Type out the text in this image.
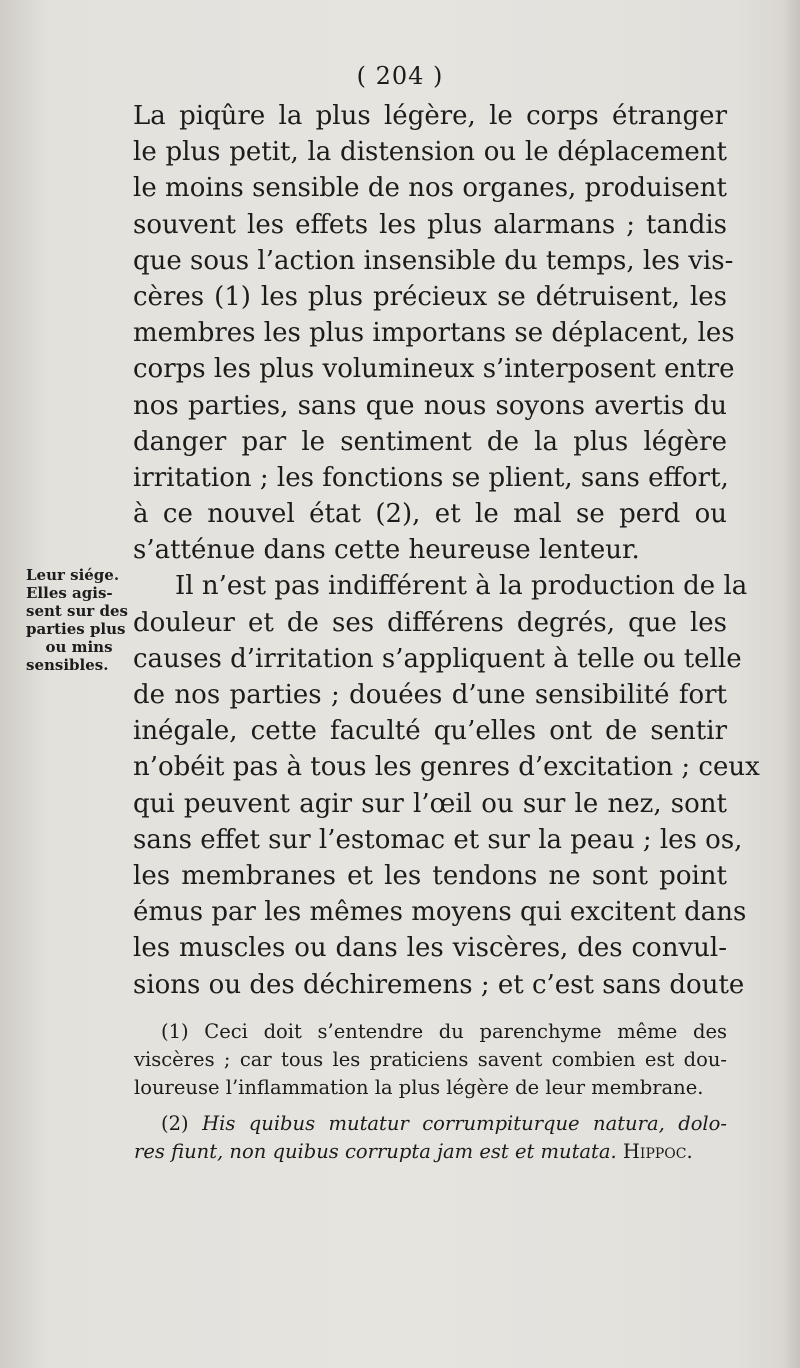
( 204 )
La piqûre la plus légère, le corps étranger
le plus petit, la distension ou le déplacement
le moins sensible de nos organes, produisent
souvent les effets les plus alarmans ; tandis
que sous l’action insensible du temps, les vis-
cères (1) les plus précieux se détruisent, les
membres les plus importans se déplacent, les
corps les plus volumineux s’interposent entre
nos parties, sans que nous soyons avertis du
danger par le sentiment de la plus légère
irritation ; les fonctions se plient, sans effort,
à ce nouvel état (2), et le mal se perd ou
s’atténue dans cette heureuse lenteur.
Il n’est pas indifférent à la production de la
douleur et de ses différens degrés, que les
causes d’irritation s’appliquent à telle ou telle
de nos parties ; douées d’une sensibilité fort
inégale, cette faculté qu’elles ont de sentir
n’obéit pas à tous les genres d’excitation ; ceux
qui peuvent agir sur l’œil ou sur le nez, sont
sans effet sur l’estomac et sur la peau ; les os,
les membranes et les tendons ne sont point
émus par les mêmes moyens qui excitent dans
les muscles ou dans les viscères, des convul-
sions ou des déchiremens ; et c’est sans doute
Leur siége.
Elles agis-
sent sur des
parties plus
ou mins
sensibles.
(1) Ceci doit s’entendre du parenchyme même des
viscères ; car tous les praticiens savent combien est dou-
loureuse l’inflammation la plus légère de leur membrane.
(2) His quibus mutatur corrumpiturque natura, dolo-
res fiunt, non quibus corrupta jam est et mutata. Hippoc.
